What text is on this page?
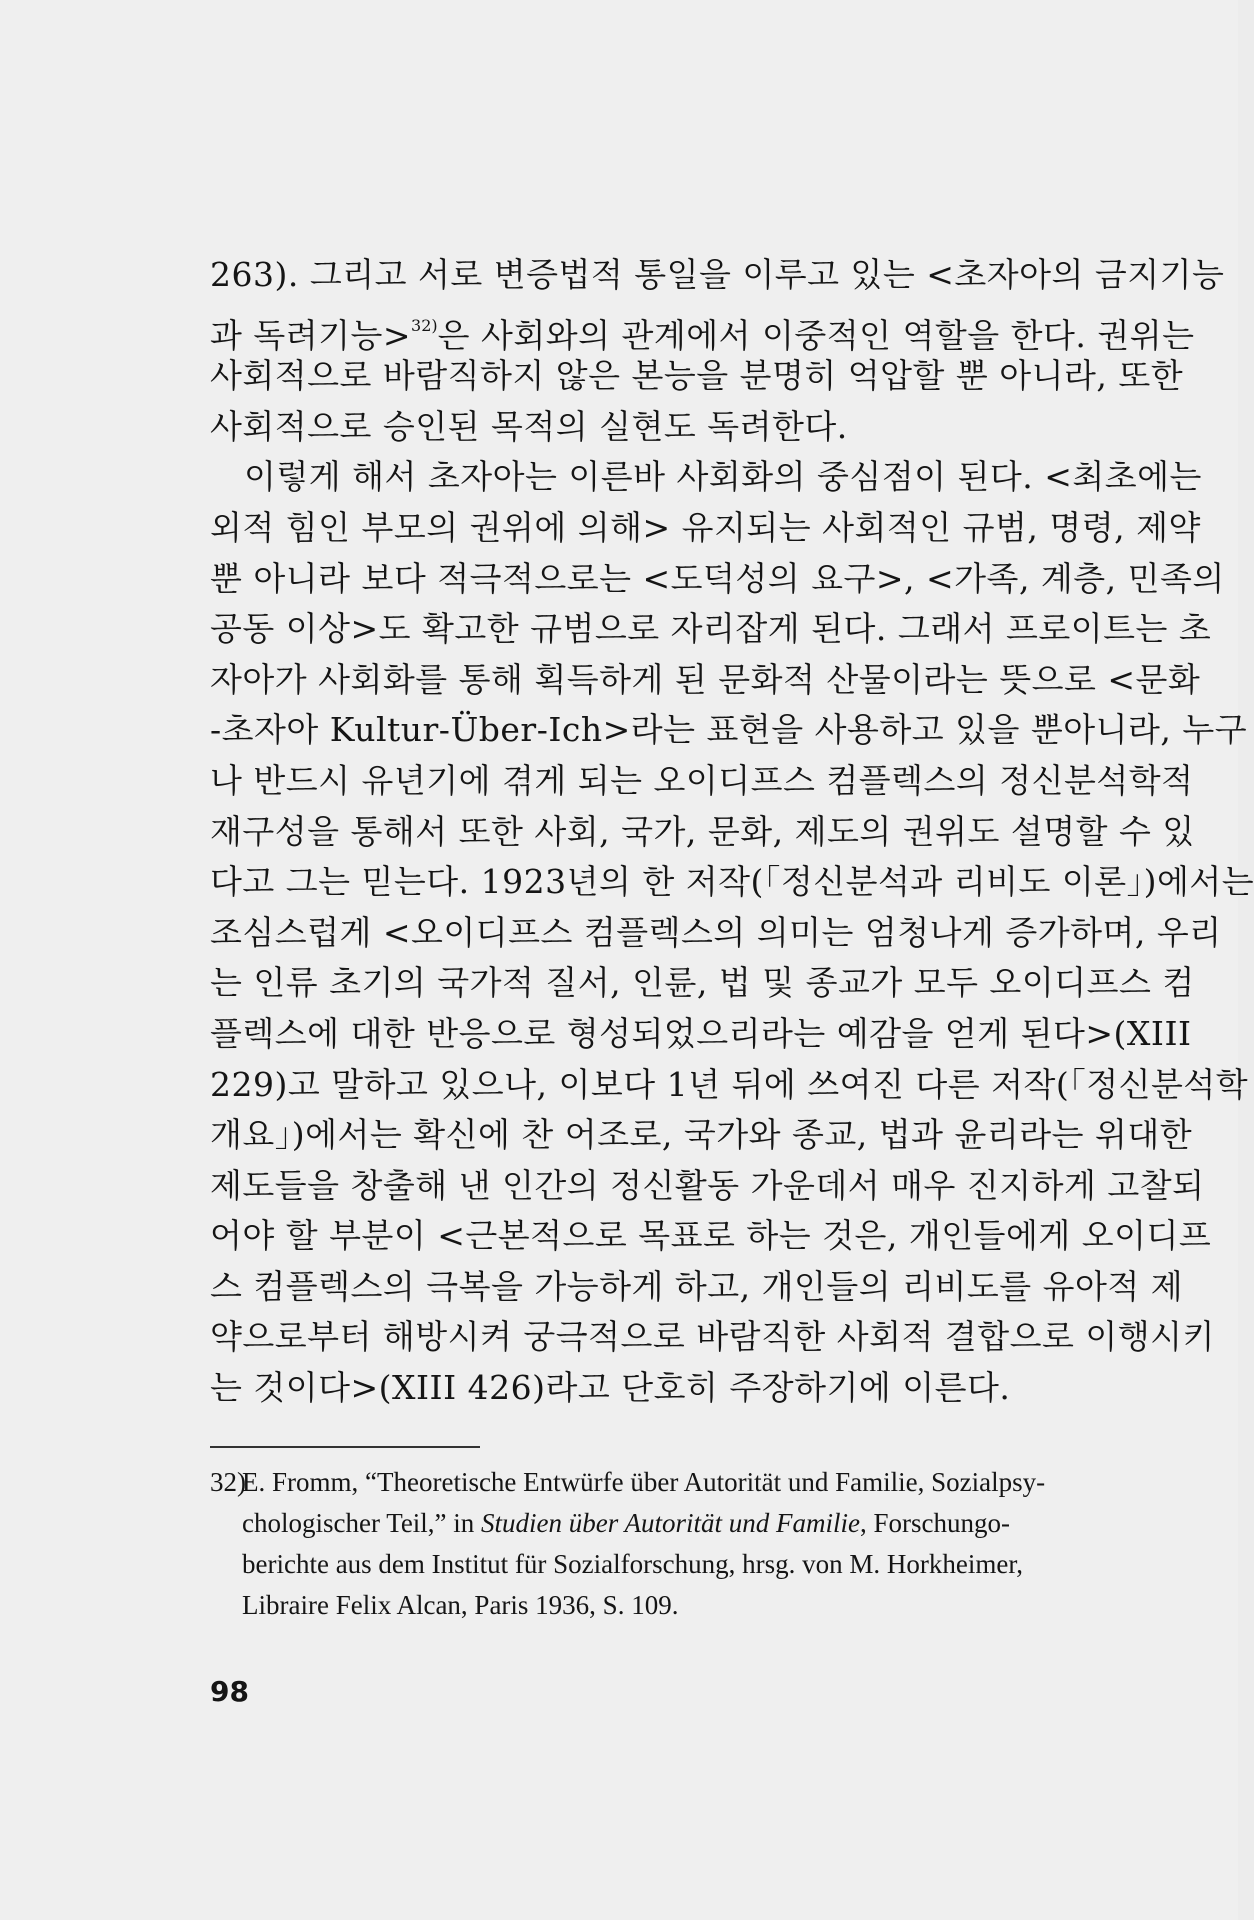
263). 그리고 서로 변증법적 통일을 이루고 있는 <초자아의 금지기능
과 독려기능>$^{32)}$은 사회와의 관계에서 이중적인 역할을 한다. 권위는
사회적으로 바람직하지 않은 본능을 분명히 억압할 뿐 아니라, 또한
사회적으로 승인된 목적의 실현도 독려한다.
이렇게 해서 초자아는 이른바 사회화의 중심점이 된다. <최초에는
외적 힘인 부모의 권위에 의해> 유지되는 사회적인 규범, 명령, 제약
뿐 아니라 보다 적극적으로는 <도덕성의 요구>, <가족, 계층, 민족의
공동 이상>도 확고한 규범으로 자리잡게 된다. 그래서 프로이트는 초
자아가 사회화를 통해 획득하게 된 문화적 산물이라는 뜻으로 <문화
-초자아 Kultur-Über-Ich>라는 표현을 사용하고 있을 뿐아니라, 누구
나 반드시 유년기에 겪게 되는 오이디프스 컴플렉스의 정신분석학적
재구성을 통해서 또한 사회, 국가, 문화, 제도의 권위도 설명할 수 있
다고 그는 믿는다. 1923년의 한 저작(「정신분석과 리비도 이론」)에서는
조심스럽게 <오이디프스 컴플렉스의 의미는 엄청나게 증가하며, 우리
는 인류 초기의 국가적 질서, 인륜, 법 및 종교가 모두 오이디프스 컴
플렉스에 대한 반응으로 형성되었으리라는 예감을 얻게 된다>(XIII
229)고 말하고 있으나, 이보다 1년 뒤에 쓰여진 다른 저작(「정신분석학
개요」)에서는 확신에 찬 어조로, 국가와 종교, 법과 윤리라는 위대한
제도들을 창출해 낸 인간의 정신활동 가운데서 매우 진지하게 고찰되
어야 할 부분이 <근본적으로 목표로 하는 것은, 개인들에게 오이디프
스 컴플렉스의 극복을 가능하게 하고, 개인들의 리비도를 유아적 제
약으로부터 해방시켜 궁극적으로 바람직한 사회적 결합으로 이행시키
는 것이다>(XIII 426)라고 단호히 주장하기에 이른다.
32)E. Fromm, “Theoretische Entwürfe über Autorität und Familie, Sozialpsy-
chologischer Teil,” in Studien über Autorität und Familie, Forschungo-
berichte aus dem Institut für Sozialforschung, hrsg. von M. Horkheimer,
Libraire Felix Alcan, Paris 1936, S. 109.
98
